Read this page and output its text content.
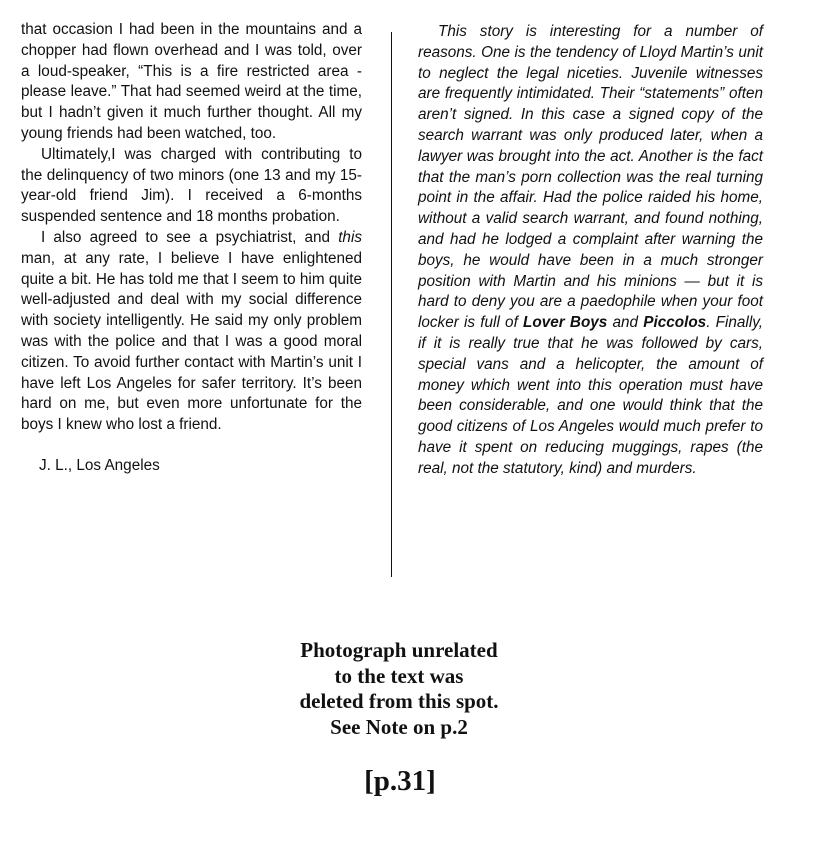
that occasion I had been in the mountains and a chopper had flown overhead and I was told, over a loud-speaker, “This is a fire restricted area - please leave.” That had seemed weird at the time, but I hadn’t given it much further thought. All my young friends had been watched, too.

Ultimately,I was charged with contributing to the delinquency of two minors (one 13 and my 15-year-old friend Jim). I received a 6-months suspended sentence and 18 months probation.

I also agreed to see a psychiatrist, and this man, at any rate, I believe I have enlightened quite a bit. He has told me that I seem to him quite well-adjusted and deal with my social difference with society intelligently. He said my only problem was with the police and that I was a good moral citizen. To avoid further contact with Martin’s unit I have left Los Angeles for safer territory. It’s been hard on me, but even more unfortunate for the boys I knew who lost a friend.

J. L., Los Angeles

This story is interesting for a number of reasons. One is the tendency of Lloyd Martin’s unit to neglect the legal niceties. Juvenile witnesses are frequently intimidated. Their “statements” often aren’t signed. In this case a signed copy of the search warrant was only produced later, when a lawyer was brought into the act. Another is the fact that the man’s porn collection was the real turning point in the affair. Had the police raided his home, without a valid search warrant, and found nothing, and had he lodged a complaint after warning the boys, he would have been in a much stronger position with Martin and his minions — but it is hard to deny you are a paedophile when your foot locker is full of Lover Boys and Piccolos. Finally, if it is really true that he was followed by cars, special vans and a helicopter, the amount of money which went into this operation must have been considerable, and one would think that the good citizens of Los Angeles would much prefer to have it spent on reducing muggings, rapes (the real, not the statutory, kind) and murders.

Photograph unrelated
to the text was
deleted from this spot.
See Note on p.2
[p.31]
